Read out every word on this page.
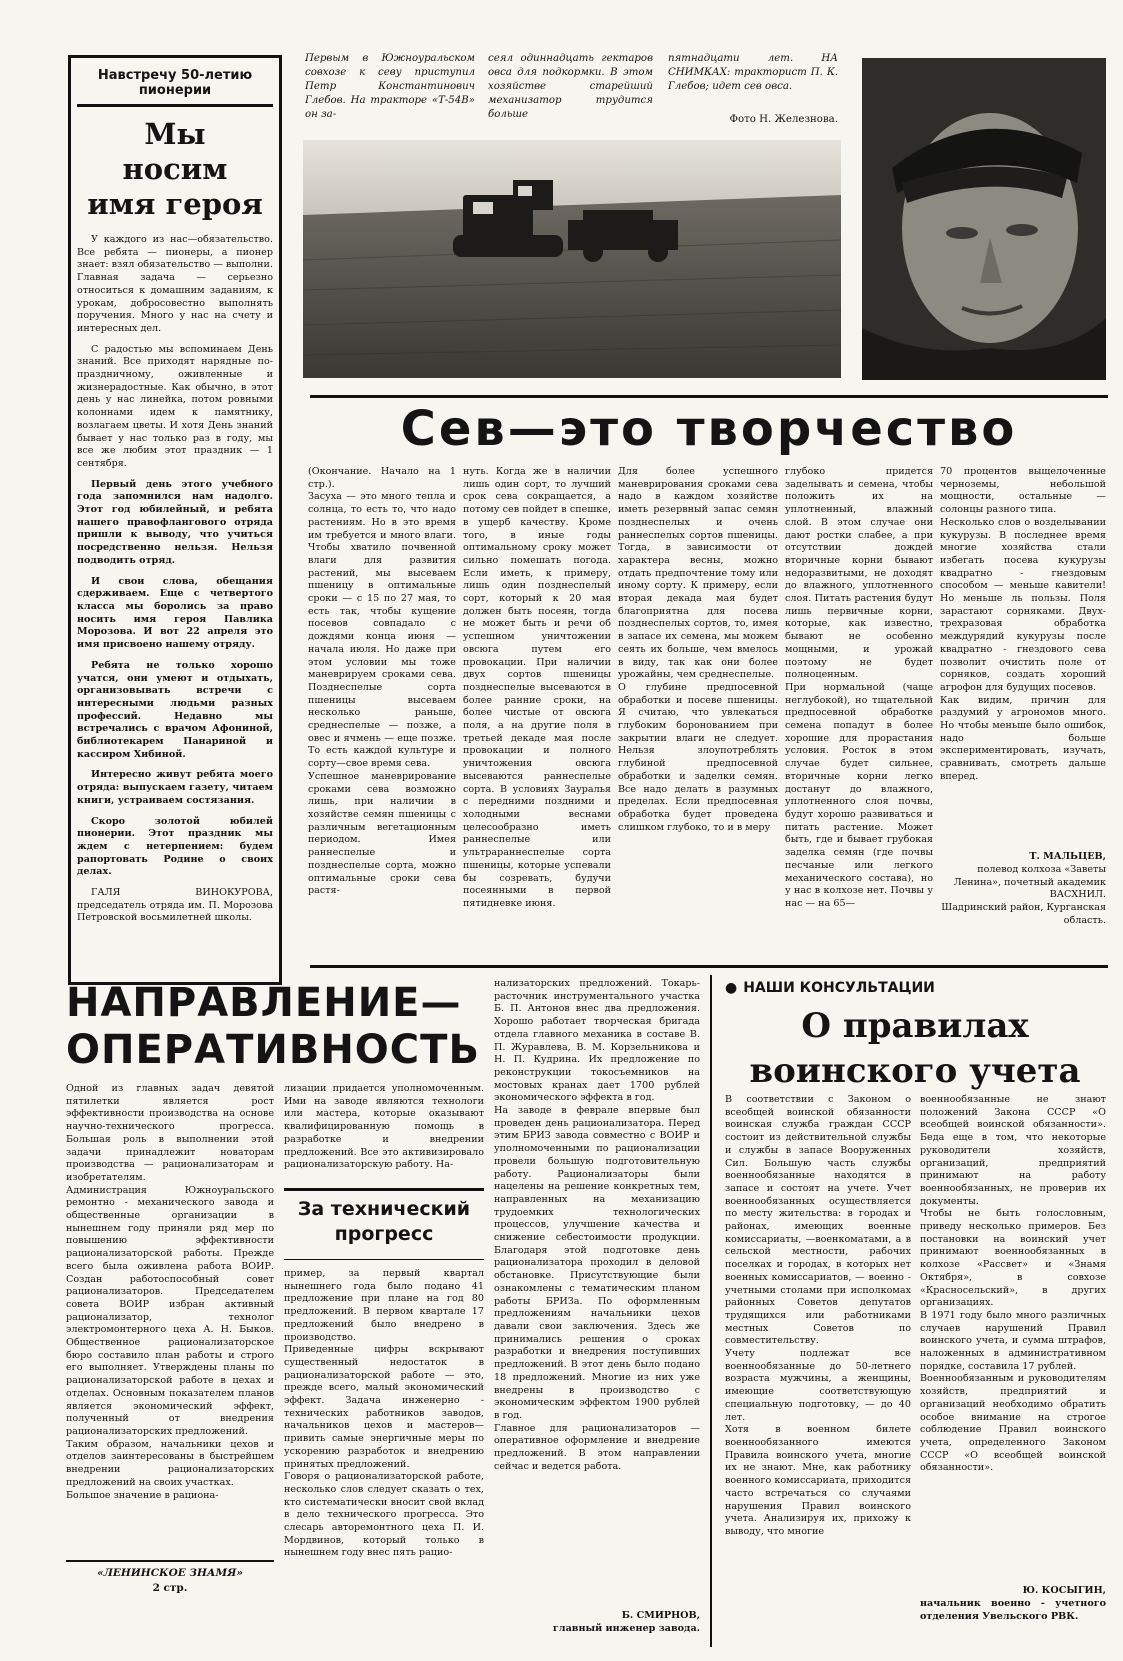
Навстречу 50-летию пионерии
Мы носим имя героя
У каждого из нас—обязательство. Все ребята — пионеры, а пионер знает: взял обязательство — выполни. Главная задача — серьезно относиться к домашним заданиям, к урокам, добросовестно выполнять поручения. Много у нас на счету и интересных дел.
С радостью мы вспоминаем День знаний. Все приходят нарядные по-праздничному, оживленные и жизнерадостные. Как обычно, в этот день у нас линейка, потом ровными колоннами идем к памятнику, возлагаем цветы. И хотя День знаний бывает у нас только раз в году, мы все же любим этот праздник — 1 сентября.
Первый день этого учебного года запомнился нам надолго. Этот год юбилейный, и ребята нашего правофлангового отряда пришли к выводу, что учиться посредственно нельзя. Нельзя подводить отряд.
И свои слова, обещания сдерживаем. Еще с четвертого класса мы боролись за право носить имя героя Павлика Морозова. И вот 22 апреля это имя присвоено нашему отряду.
Ребята не только хорошо учатся, они умеют и отдыхать, организовывать встречи с интересными людьми разных профессий. Недавно мы встречались с врачом Афониной, библиотекарем Панариной и кассиром Хибиной.
Интересно живут ребята моего отряда: выпускаем газету, читаем книги, устраиваем состязания.
Скоро золотой юбилей пионерии. Этот праздник мы ждем с нетерпением: будем рапортовать Родине о своих делах.
ГАЛЯ ВИНОКУРОВА, председатель отряда им. П. Морозова Петровской восьмилетней школы.
Первым в Южноуральском совхозе к севу приступил Петр Константинович Глебов. На тракторе «Т-54В» он за-
сеял одиннадцать гектаров овса для подкормки. В этом хозяйстве старейший механизатор трудится больше
пятнадцати лет. НА СНИМКАХ: тракторист П. К. Глебов; идет сев овса.
Фото Н. Железнова.
Сев—это творчество
(Окончание. Начало на 1 стр.).
Засуха — это много тепла и солнца, то есть то, что надо растениям. Но в это время им требуется и много влаги. Чтобы хватило почвенной влаги для развития растений, мы высеваем пшеницу в оптимальные сроки — с 15 по 27 мая, то есть так, чтобы кущение посевов совпадало с дождями конца июня — начала июля. Но даже при этом условии мы тоже маневрируем сроками сева. Позднеспелые сорта пшеницы высеваем несколько раньше, среднеспелые — позже, а овес и ячмень — еще позже. То есть каждой культуре и сорту—свое время сева.
Успешное маневрирование сроками сева возможно лишь, при наличии в хозяйстве семян пшеницы с различным вегетационным периодом. Имея раннеспелые и позднеспелые сорта, можно оптимальные сроки сева растя-
нуть. Когда же в наличии лишь один сорт, то лучший срок сева сокращается, а потому сев пойдет в спешке, в ущерб качеству. Кроме того, в иные годы оптимальному сроку может сильно помешать погода. Если иметь, к примеру, лишь один позднеспелый сорт, который к 20 мая должен быть посеян, тогда не может быть и речи об успешном уничтожении овсюга путем его провокации. При наличии двух сортов пшеницы позднеспелые высеваются в более ранние сроки, на более чистые от овсюга поля, а на другие поля в третьей декаде мая после провокации и полного уничтожения овсюга высеваются раннеспелые сорта. В условиях Зауралья с передними поздними и холодными веснами целесообразно иметь раннеспелые или ультрараннеспелые сорта пшеницы, которые успевали бы созревать, будучи посеянными в первой пятидневке июня.
Для более успешного маневрирования сроками сева надо в каждом хозяйстве иметь резервный запас семян позднеспелых и очень раннеспелых сортов пшеницы. Тогда, в зависимости от характера весны, можно отдать предпочтение тому или иному сорту. К примеру, если вторая декада мая будет благоприятна для посева позднеспелых сортов, то, имея в запасе их семена, мы можем сеять их больше, чем вмелось в виду, так как они более урожайны, чем среднеспелые.
О глубине предпосевной обработки и посеве пшеницы. Я считаю, что увлекаться глубоким боронованием при закрытии влаги не следует. Нельзя злоупотреблять глубиной предпосевной обработки и заделки семян. Все надо делать в разумных пределах. Если предпосевная обработка будет проведена слишком глубоко, то и в меру
глубоко придется заделывать и семена, чтобы положить их на уплотненный, влажный слой. В этом случае они дают ростки слабее, а при отсутствии дождей вторичные корни бывают недоразвитыми, не доходят до влажного, уплотненного слоя. Питать растения будут лишь первичные корни, которые, как известно, бывают не особенно мощными, и урожай поэтому не будет полноценным.
При нормальной (чаще неглубокой), но тщательной предпосевной обработке семена попадут в более хорошие для прорастания условия. Росток в этом случае будет сильнее, вторичные корни легко достанут до влажного, уплотненного слоя почвы, будут хорошо развиваться и питать растение. Может быть, где и бывает грубокая заделка семян (где почвы песчаные или легкого механического состава), но у нас в колхозе нет. Почвы у нас — на 65—
70 процентов выщелоченные черноземы, небольшой мощности, остальные — солонцы разного типа.
Несколько слов о возделывании кукурузы. В последнее время многие хозяйства стали избегать посева кукурузы квадратно - гнездовым способом — меньше кавители! Но меньше ль пользы. Поля зарастают сорняками. Двух-трехразовая обработка междурядий кукурузы после квадратно - гнездового сева позволит очистить поле от сорняков, создать хороший агрофон для будущих посевов.
Как видим, причин для раздумий у агрономов много. Но чтобы меньше было ошибок, надо больше экспериментировать, изучать, сравнивать, смотреть дальше вперед.
Т. МАЛЬЦЕВ,
полевод колхоза «Заветы Ленина», почетный академик ВАСХНИЛ.
Шадринский район, Курганская область.
НАПРАВЛЕНИЕ— ОПЕРАТИВНОСТЬ
Одной из главных задач девятой пятилетки является рост эффективности производства на основе научно-технического прогресса. Большая роль в выполнении этой задачи принадлежит новаторам производства — рационализаторам и изобретателям.
Администрация Южноуральского ремонтно - механического завода и общественные организации в нынешнем году приняли ряд мер по повышению эффективности рационализаторской работы. Прежде всего была оживлена работа ВОИР. Создан работоспособный совет рационализаторов. Председателем совета ВОИР избран активный рационализатор, технолог электромонтерного цеха А. Н. Быков. Общественное рационализаторское бюро составило план работы и строго его выполняет. Утверждены планы по рационализаторской работе в цехах и отделах. Основным показателем планов является экономический эффект, полученный от внедрения рационализаторских предложений.
Таким образом, начальники цехов и отделов заинтересованы в быстрейшем внедрении рационализаторских предложений на своих участках.
Большое значение в рациона-
лизации придается уполномоченным. Ими на заводе являются технологи или мастера, которые оказывают квалифицированную помощь в разработке и внедрении предложений. Все это активизировало рационализаторскую работу. На-
За технический прогресс
пример, за первый квартал нынешнего года было подано 41 предложение при плане на год 80 предложений. В первом квартале 17 предложений было внедрено в производство.
Приведенные цифры вскрывают существенный недостаток в рационализаторской работе — это, прежде всего, малый экономический эффект. Задача инженерно - технических работников заводов, начальников цехов и мастеров—привить самые энергичные меры по ускорению разработок и внедрению принятых предложений.
Говоря о рационализаторской работе, несколько слов следует сказать о тех, кто систематически вносит свой вклад в дело технического прогресса. Это слесарь авторемонтного цеха П. И. Мордвинов, который только в нынешнем году внес пять рацио-
нализаторских предложений. Токарь-расточник инструментального участка Б. П. Антонов внес два предложения. Хорошо работает творческая бригада отдела главного механика в составе В. П. Журавлева, В. М. Корзельникова и Н. П. Кудрина. Их предложение по реконструкции токосъемников на мостовых кранах дает 1700 рублей экономического эффекта в год.
На заводе в феврале впервые был проведен день рационализатора. Перед этим БРИЗ завода совместно с ВОИР и уполномоченными по рационализации провели большую подготовительную работу. Рационализаторы были нацелены на решение конкретных тем, направленных на механизацию трудоемких технологических процессов, улучшение качества и снижение себестоимости продукции. Благодаря этой подготовке день рационализатора проходил в деловой обстановке. Присутствующие были ознакомлены с тематическим планом работы БРИЗа. По оформленным предложениям начальники цехов давали свои заключения. Здесь же принимались решения о сроках разработки и внедрения поступивших предложений. В этот день было подано 18 предложений. Многие из них уже внедрены в производство с экономическим эффектом 1900 рублей в год.
Главное для рационализаторов — оперативное оформление и внедрение предложений. В этом направлении сейчас и ведется работа.
Б. СМИРНОВ,
главный инженер завода.
«ЛЕНИНСКОЕ ЗНАМЯ»
2 стр.
● НАШИ КОНСУЛЬТАЦИИ
О правилах воинского учета
В соответствии с Законом о всеобщей воинской обязанности воинская служба граждан СССР состоит из действительной службы и службы в запасе Вооруженных Сил. Большую часть службы военнообязанные находятся в запасе и состоят на учете. Учет военнообязанных осуществляется по месту жительства: в городах и районах, имеющих военные комиссариаты, —военкоматами, а в сельской местности, рабочих поселках и городах, в которых нет военных комиссариатов, — военно - учетными столами при исполкомах районных Советов депутатов трудящихся или работниками местных Советов по совместительству.
Учету подлежат все военнообязанные до 50-летнего возраста мужчины, а женщины, имеющие соответствующую специальную подготовку, — до 40 лет.
Хотя в военном билете военнообязанного имеются Правила воинского учета, многие их не знают. Мне, как работнику военного комиссариата, приходится часто встречаться со случаями нарушения Правил воинского учета. Анализируя их, прихожу к выводу, что многие
военнообязанные не знают положений Закона СССР «О всеобщей воинской обязанности». Беда еще в том, что некоторые руководители хозяйств, организаций, предприятий принимают на работу военнообязанных, не проверив их документы.
Чтобы не быть голословным, приведу несколько примеров. Без постановки на воинский учет принимают военнообязанных в колхозе «Рассвет» и «Знамя Октября», в совхозе «Красносельский», в других организациях.
В 1971 году было много различных случаев нарушений Правил воинского учета, и сумма штрафов, наложенных в административном порядке, составила 17 рублей.
Военнообязанным и руководителям хозяйств, предприятий и организаций необходимо обратить особое внимание на строгое соблюдение Правил воинского учета, определенного Законом СССР «О всеобщей воинской обязанности».
Ю. КОСЫГИН,
начальник военно - учетного отделения Увельского РВК.
